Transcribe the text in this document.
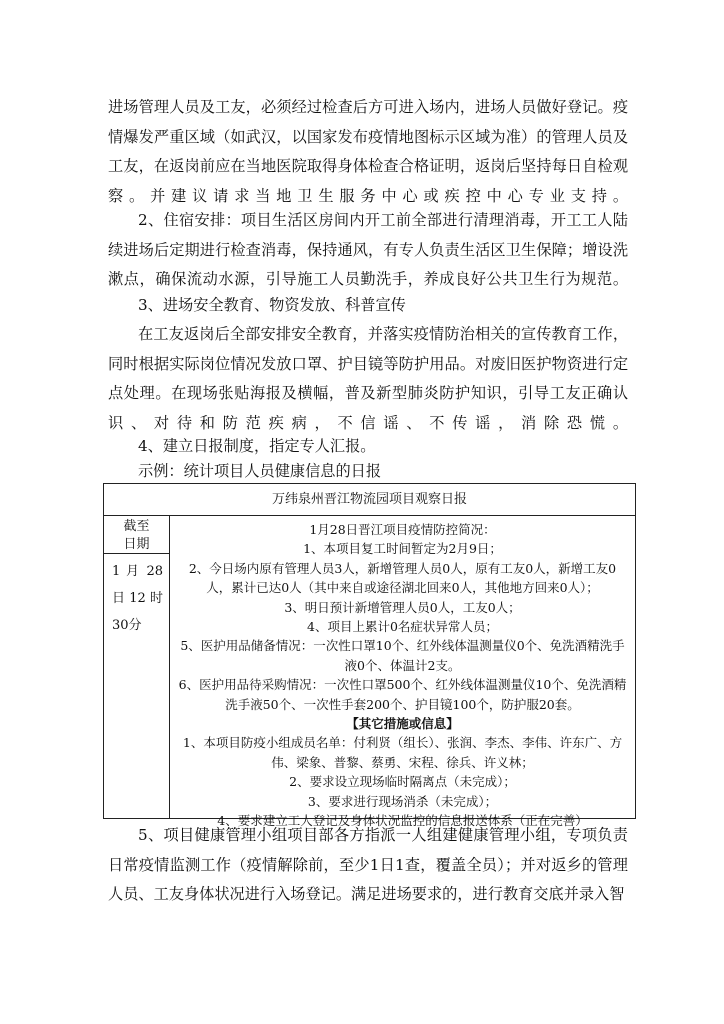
进场管理人员及工友，必须经过检查后方可进入场内，进场人员做好登记。疫情爆发严重区域（如武汉，以国家发布疫情地图标示区域为准）的管理人员及工友，在返岗前应在当地医院取得身体检查合格证明，返岗后坚持每日自检观察。并建议请求当地卫生服务中心或疾控中心专业支持。

2、住宿安排：项目生活区房间内开工前全部进行清理消毒，开工工人陆续进场后定期进行检查消毒，保持通风，有专人负责生活区卫生保障；增设洗漱点，确保流动水源，引导施工人员勤洗手，养成良好公共卫生行为规范。

3、进场安全教育、物资发放、科普宣传

在工友返岗后全部安排安全教育，并落实疫情防治相关的宣传教育工作，同时根据实际岗位情况发放口罩、护目镜等防护用品。对废旧医护物资进行定点处理。在现场张贴海报及横幅，普及新型肺炎防护知识，引导工友正确认识、对待和防范疾病，不信谣、不传谣，消除恐慌。

4、建立日报制度，指定专人汇报。

示例：统计项目人员健康信息的日报

万纬泉州晋江物流园项目观察日报
截至日期
1 月 28
日 12 时
30分
1月28日晋江项目疫情防控简况：
1、本项目复工时间暂定为2月9日；
2、今日场内原有管理人员3人，新增管理人员0人，原有工友0人，新增工友0
人，累计已达0人（其中来自或途径湖北回来0人，其他地方回来0人）；
3、明日预计新增管理人员0人，工友0人；
4、项目上累计0名症状异常人员；
5、医护用品储备情况：一次性口罩10个、红外线体温测量仪0个、免洗酒精洗手
液0个、体温计2支。
6、医护用品待采购情况：一次性口罩500个、红外线体温测量仪10个、免洗酒精
洗手液50个、一次性手套200个、护目镜100个，防护服20套。
【其它措施或信息】
1、本项目防疫小组成员名单：付利贤（组长）、张润、李杰、李伟、许东广、方
伟、梁象、普黎、蔡勇、宋程、徐兵、许义林；
2、要求设立现场临时隔离点（未完成）；
3、要求进行现场消杀（未完成）；
4、要求建立工人登记及身体状况监控的信息报送体系（正在完善）

5、项目健康管理小组项目部各方指派一人组建健康管理小组，专项负责日常疫情监测工作（疫情解除前，至少1日1查，覆盖全员）；并对返乡的管理人员、工友身体状况进行入场登记。满足进场要求的，进行教育交底并录入智
